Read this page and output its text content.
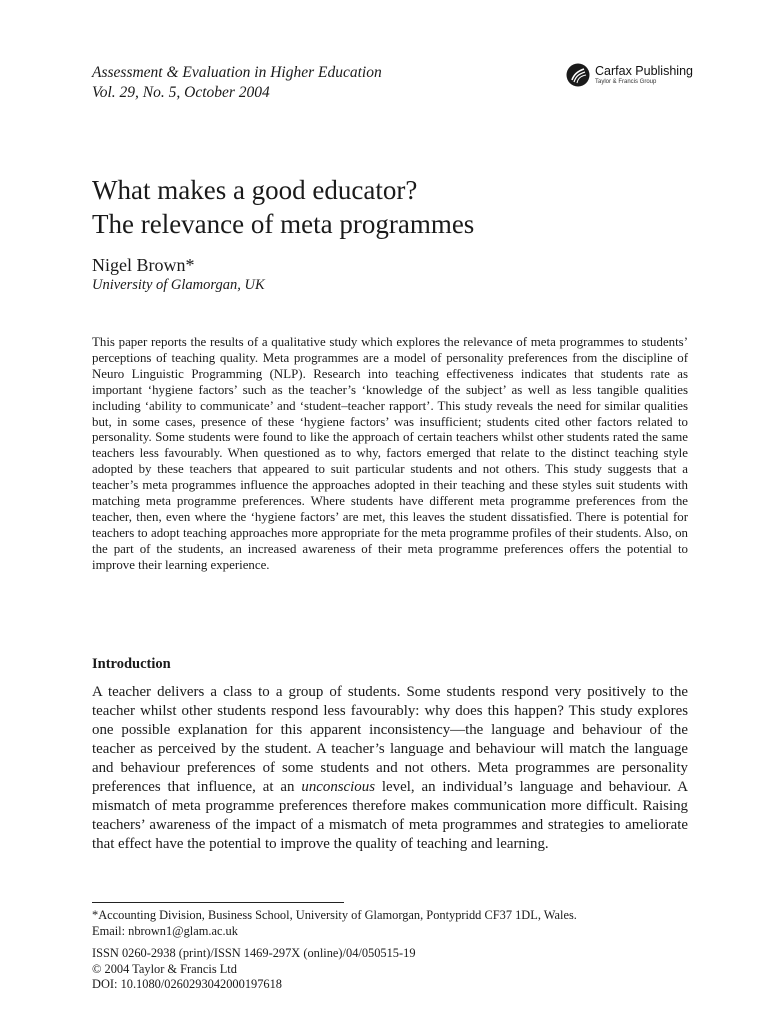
Assessment & Evaluation in Higher Education
Vol. 29, No. 5, October 2004
Carfax Publishing
Taylor & Francis Group
What makes a good educator?
The relevance of meta programmes
Nigel Brown*
University of Glamorgan, UK

This paper reports the results of a qualitative study which explores the relevance of meta programmes to students’ perceptions of teaching quality. Meta programmes are a model of personality preferences from the discipline of Neuro Linguistic Programming (NLP). Research into teaching effectiveness indicates that students rate as important ‘hygiene factors’ such as the teacher’s ‘knowledge of the subject’ as well as less tangible qualities including ‘ability to communicate’ and ‘student–teacher rapport’. This study reveals the need for similar qualities but, in some cases, presence of these ‘hygiene factors’ was insufficient; students cited other factors related to personality. Some students were found to like the approach of certain teachers whilst other students rated the same teachers less favourably. When questioned as to why, factors emerged that relate to the distinct teaching style adopted by these teachers that appeared to suit particular students and not others. This study suggests that a teacher’s meta programmes influence the approaches adopted in their teaching and these styles suit students with matching meta programme preferences. Where students have different meta programme preferences from the teacher, then, even where the ‘hygiene factors’ are met, this leaves the student dissatisfied. There is potential for teachers to adopt teaching approaches more appropriate for the meta programme profiles of their students. Also, on the part of the students, an increased awareness of their meta programme preferences offers the potential to improve their learning experience.

Introduction

A teacher delivers a class to a group of students. Some students respond very positively to the teacher whilst other students respond less favourably: why does this happen? This study explores one possible explanation for this apparent inconsistency—the language and behaviour of the teacher as perceived by the student. A teacher’s language and behaviour will match the language and behaviour preferences of some students and not others. Meta programmes are personality preferences that influence, at an unconscious level, an individual’s language and behaviour. A mismatch of meta programme preferences therefore makes communication more difficult. Raising teachers’ awareness of the impact of a mismatch of meta programmes and strategies to ameliorate that effect have the potential to improve the quality of teaching and learning.

*Accounting Division, Business School, University of Glamorgan, Pontypridd CF37 1DL, Wales.
Email: nbrown1@glam.ac.uk
ISSN 0260-2938 (print)/ISSN 1469-297X (online)/04/050515-19
© 2004 Taylor & Francis Ltd
DOI: 10.1080/0260293042000197618
